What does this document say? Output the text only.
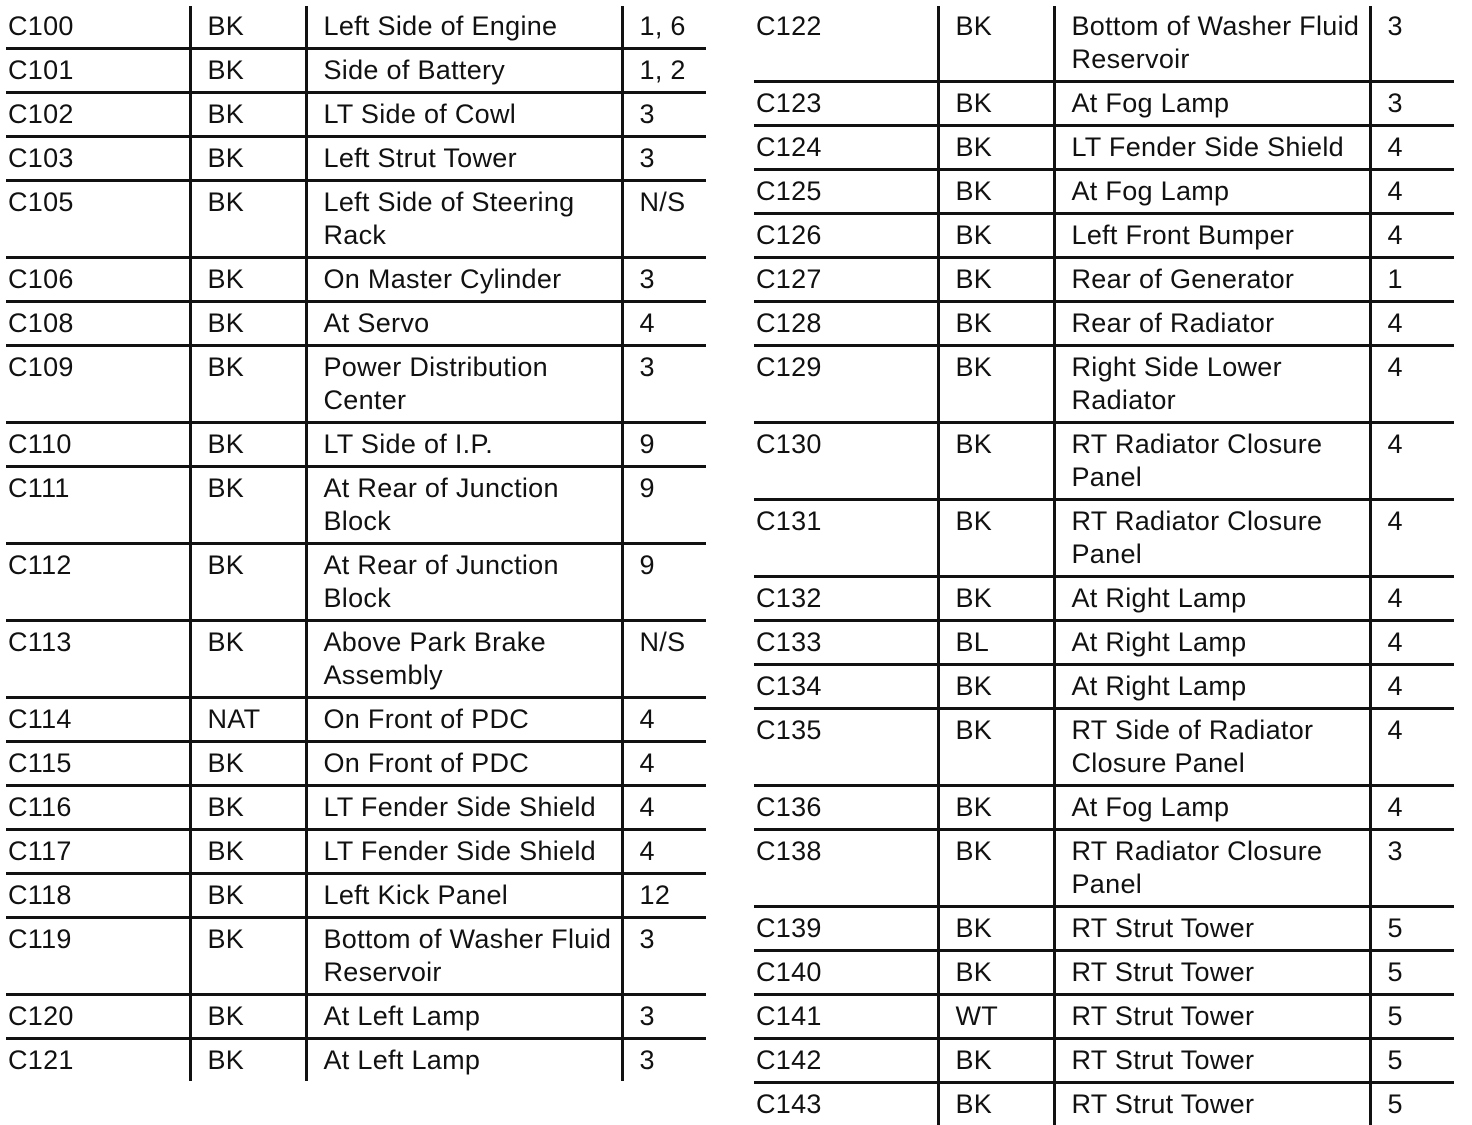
C100	BK	Left Side of Engine	1, 6
C101	BK	Side of Battery	1, 2
C102	BK	LT Side of Cowl	3
C103	BK	Left Strut Tower	3
C105	BK	Left Side of Steering Rack	N/S
C106	BK	On Master Cylinder	3
C108	BK	At Servo	4
C109	BK	Power Distribution Center	3
C110	BK	LT Side of I.P.	9
C111	BK	At Rear of Junction Block	9
C112	BK	At Rear of Junction Block	9
C113	BK	Above Park Brake Assembly	N/S
C114	NAT	On Front of PDC	4
C115	BK	On Front of PDC	4
C116	BK	LT Fender Side Shield	4
C117	BK	LT Fender Side Shield	4
C118	BK	Left Kick Panel	12
C119	BK	Bottom of Washer Fluid Reservoir	3
C120	BK	At Left Lamp	3
C121	BK	At Left Lamp	3
C122	BK	Bottom of Washer Fluid Reservoir	3
C123	BK	At Fog Lamp	3
C124	BK	LT Fender Side Shield	4
C125	BK	At Fog Lamp	4
C126	BK	Left Front Bumper	4
C127	BK	Rear of Generator	1
C128	BK	Rear of Radiator	4
C129	BK	Right Side Lower Radiator	4
C130	BK	RT Radiator Closure Panel	4
C131	BK	RT Radiator Closure Panel	4
C132	BK	At Right Lamp	4
C133	BL	At Right Lamp	4
C134	BK	At Right Lamp	4
C135	BK	RT Side of Radiator Closure Panel	4
C136	BK	At Fog Lamp	4
C138	BK	RT Radiator Closure Panel	3
C139	BK	RT Strut Tower	5
C140	BK	RT Strut Tower	5
C141	WT	RT Strut Tower	5
C142	BK	RT Strut Tower	5
C143	BK	RT Strut Tower	5
